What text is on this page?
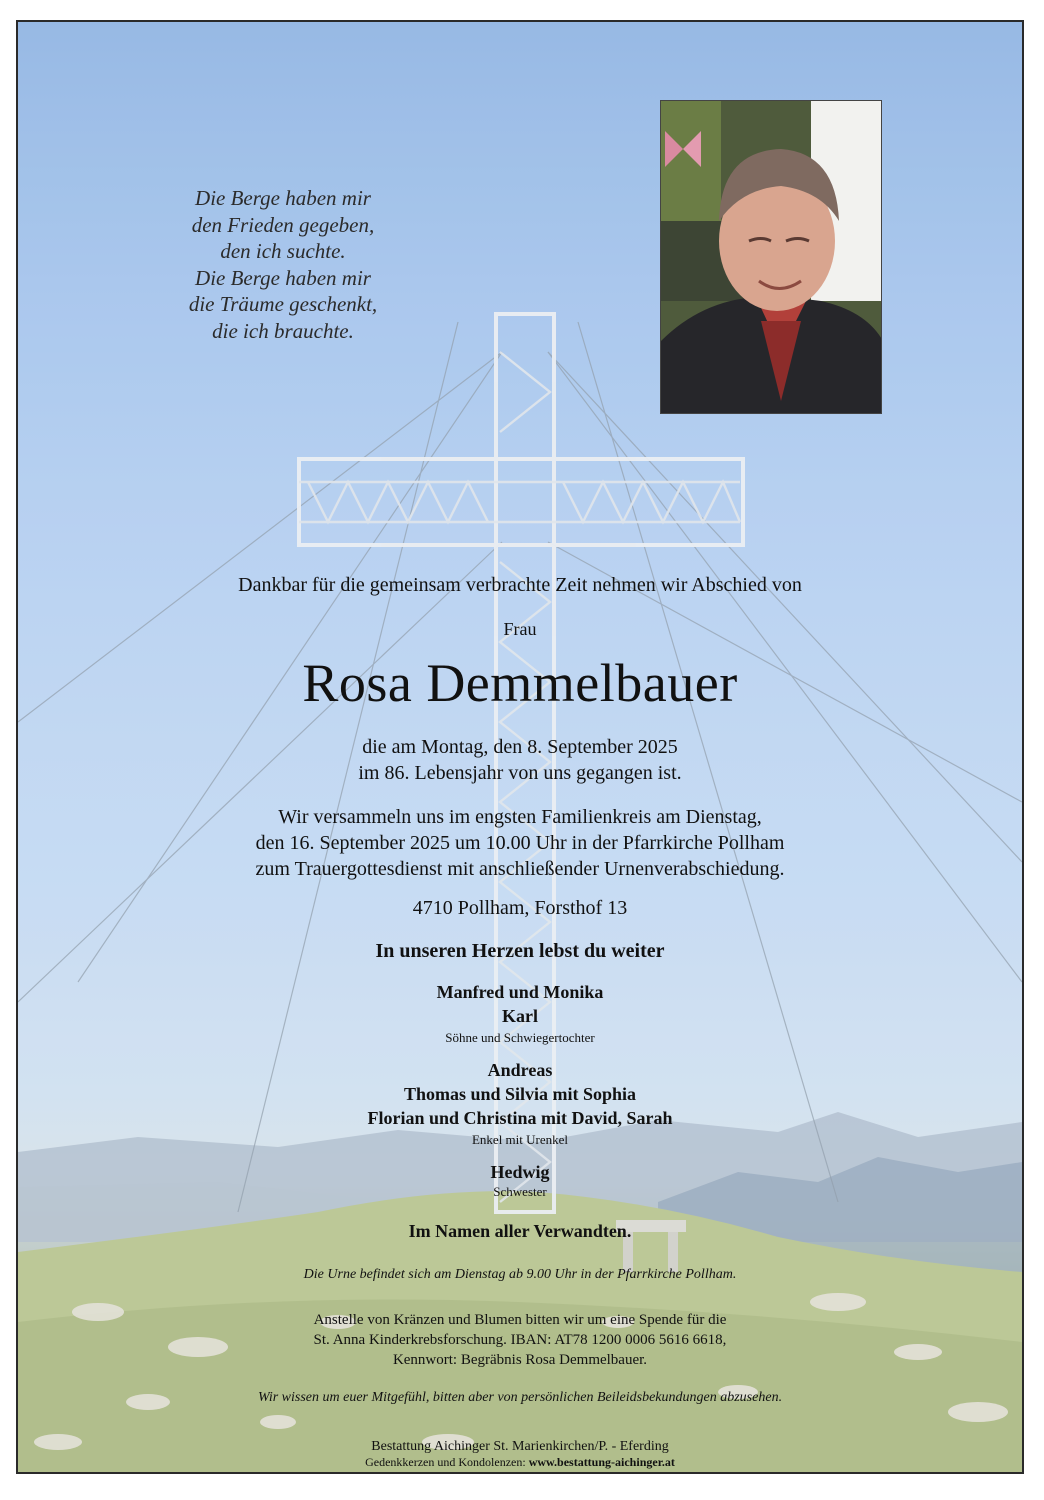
Die Berge haben mir
den Frieden gegeben,
den ich suchte.
Die Berge haben mir
die Träume geschenkt,
die ich brauchte.
Dankbar für die gemeinsam verbrachte Zeit nehmen wir Abschied von
Frau
Rosa Demmelbauer
die am Montag, den 8. September 2025
im 86. Lebensjahr von uns gegangen ist.
Wir versammeln uns im engsten Familienkreis am Dienstag,
den 16. September 2025 um 10.00 Uhr in der Pfarrkirche Pollham
zum Trauergottesdienst mit anschließender Urnenverabschiedung.
4710 Pollham, Forsthof 13
In unseren Herzen lebst du weiter
Manfred und Monika
Karl
Söhne und Schwiegertochter
Andreas
Thomas und Silvia mit Sophia
Florian und Christina mit David, Sarah
Enkel mit Urenkel
Hedwig
Schwester
Im Namen aller Verwandten.
Die Urne befindet sich am Dienstag ab 9.00 Uhr in der Pfarrkirche Pollham.
Anstelle von Kränzen und Blumen bitten wir um eine Spende für die
St. Anna Kinderkrebsforschung. IBAN: AT78 1200 0006 5616 6618,
Kennwort: Begräbnis Rosa Demmelbauer.
Wir wissen um euer Mitgefühl, bitten aber von persönlichen Beileidsbekundungen abzusehen.
Bestattung Aichinger St. Marienkirchen/P. - Eferding
Gedenkkerzen und Kondolenzen: www.bestattung-aichinger.at
